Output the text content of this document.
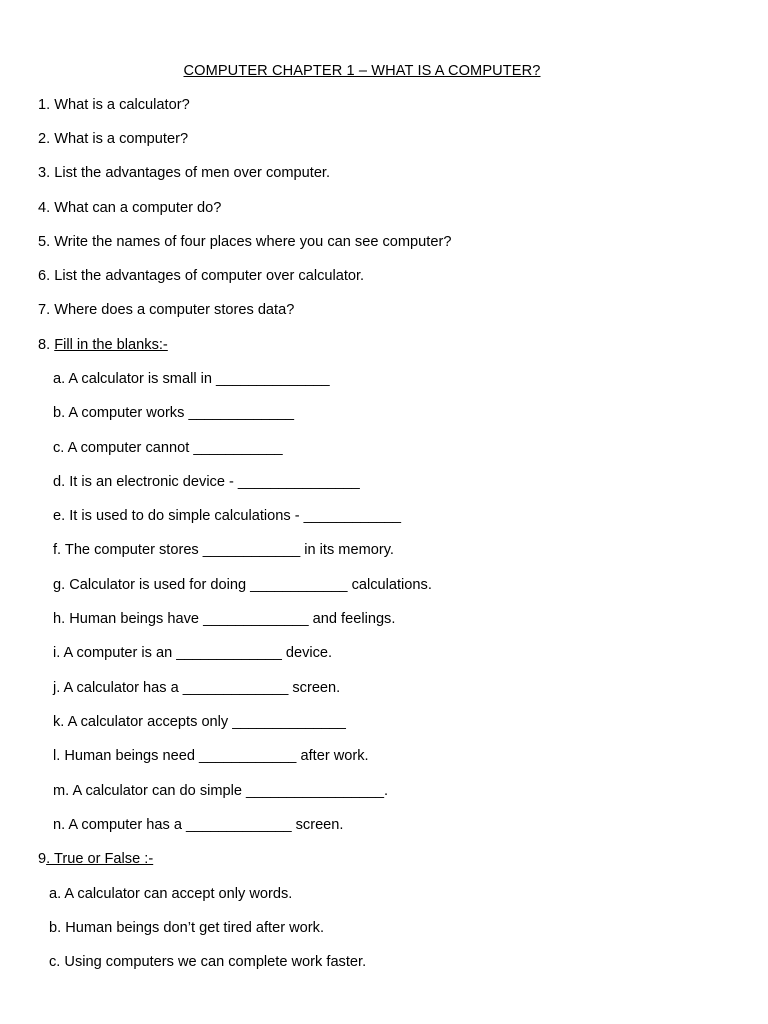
COMPUTER CHAPTER 1 – WHAT IS A COMPUTER?
1. What is a calculator?
2. What is a computer?
3. List the advantages of men over computer.
4. What can a computer do?
5. Write the names of four places where you can see computer?
6. List the advantages of computer over calculator.
7. Where does a computer stores data?
8. Fill in the blanks:-
a. A calculator is small in ______________
b. A computer works _____________
c. A computer cannot ___________
d. It is an electronic device - _______________
e. It is used to do simple calculations - ____________
f. The computer stores ____________ in its memory.
g. Calculator is used for doing ____________ calculations.
h. Human beings have _____________ and feelings.
i. A computer is an _____________ device.
j. A calculator has a _____________ screen.
k. A calculator accepts only ______________
l. Human beings need ____________ after work.
m. A calculator can do simple _________________.
n. A computer has a _____________ screen.
9. True or False :-
a. A calculator can accept only words.
b. Human beings don’t get tired after work.
c. Using computers we can complete work faster.
